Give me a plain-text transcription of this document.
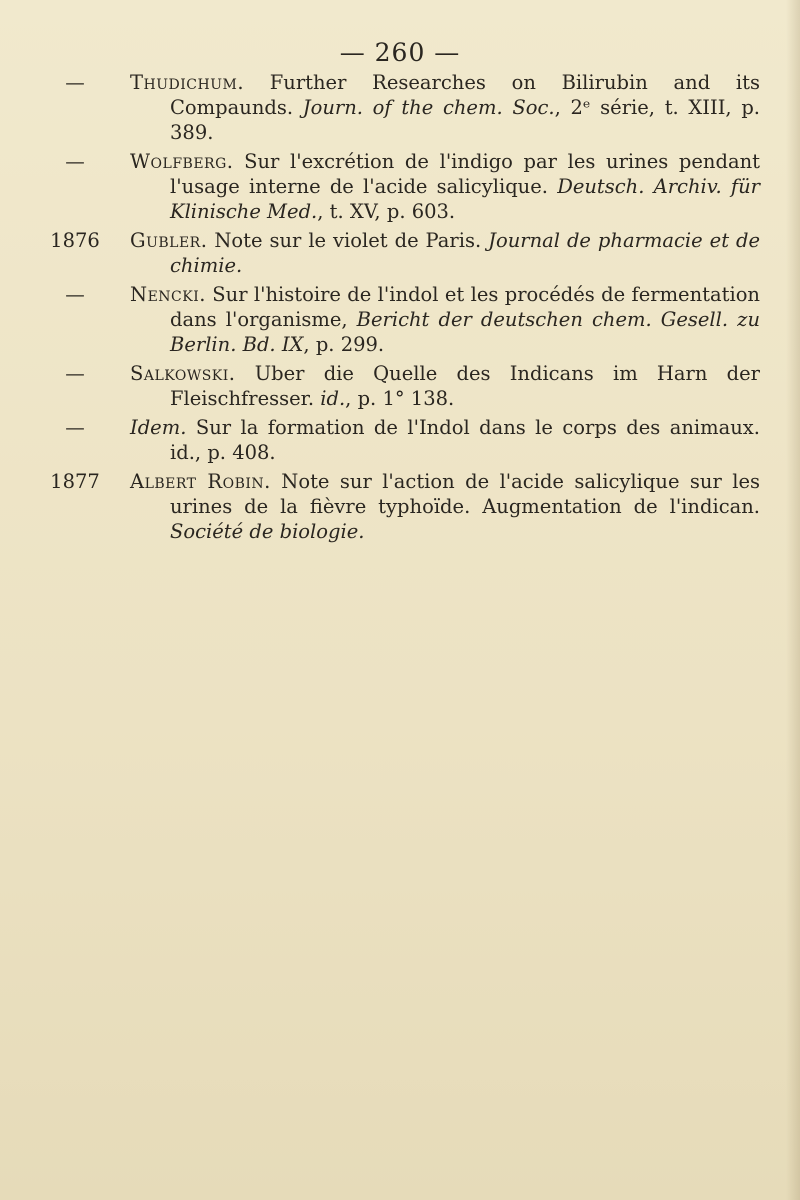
— 260 —
—	Thudichum. Further Researches on Bilirubin and its Compaunds. Journ. of the chem. Soc., 2ᵉ série, t. XIII, p. 389.
—	Wolfberg. Sur l'excrétion de l'indigo par les urines pendant l'usage interne de l'acide salicylique. Deutsch. Archiv. für Klinische Med., t. XV, p. 603.
1876	Gubler. Note sur le violet de Paris. Journal de pharmacie et de chimie.
—	Nencki. Sur l'histoire de l'indol et les procédés de fermentation dans l'organisme, Bericht der deutschen chem. Gesell. zu Berlin. Bd. IX, p. 299.
—	Salkowski. Uber die Quelle des Indicans im Harn der Fleischfresser. id., p. 1° 138.
—	Idem. Sur la formation de l'Indol dans le corps des animaux. id., p. 408.
1877	Albert Robin. Note sur l'action de l'acide salicylique sur les urines de la fièvre typhoïde. Augmentation de l'indican. Société de biologie.
